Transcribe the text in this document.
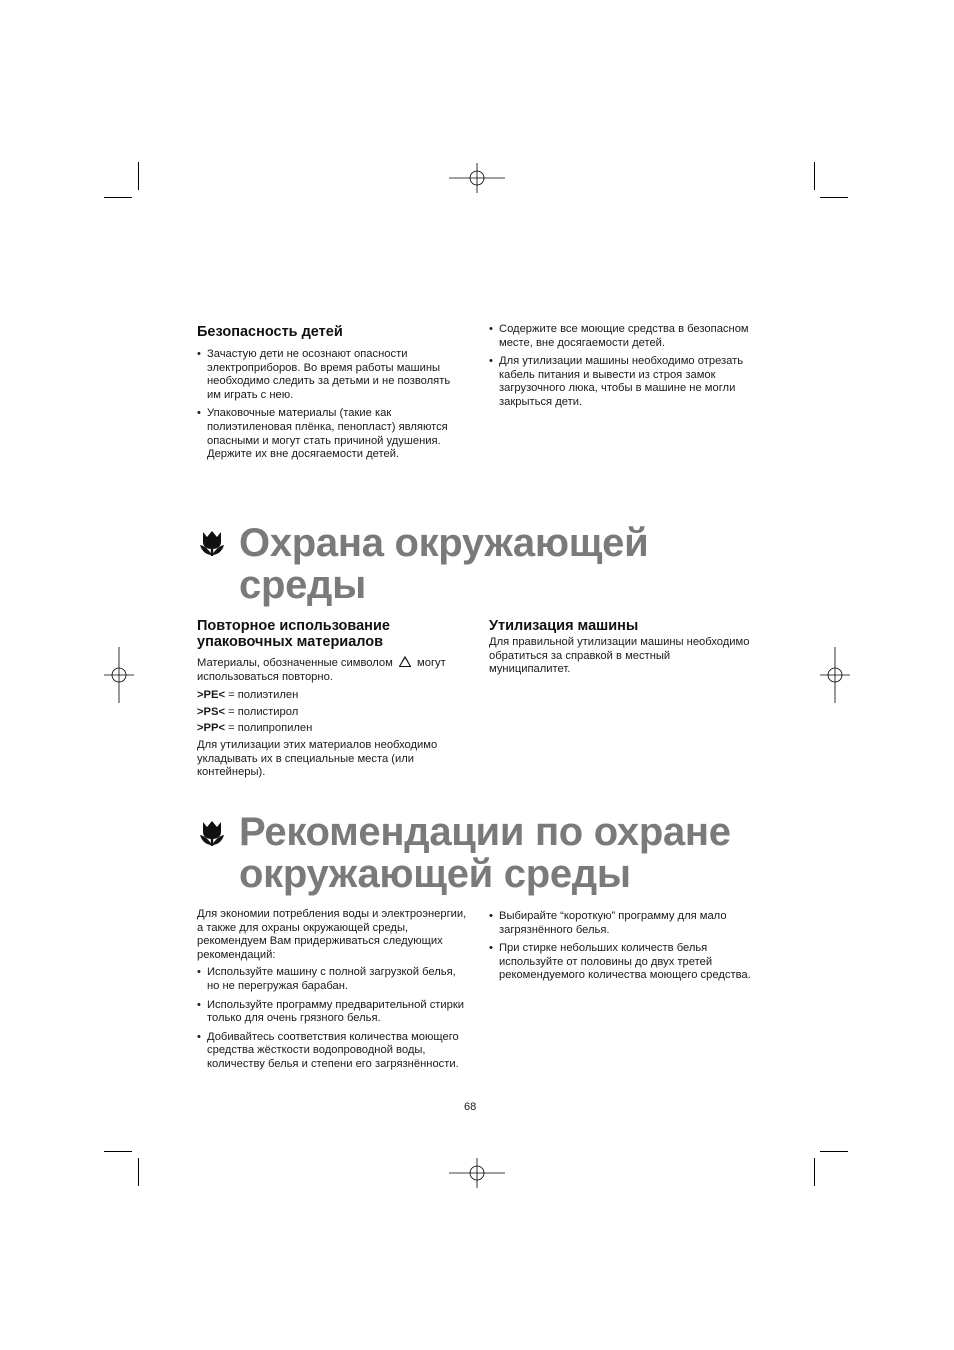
Безопасность детей
• Зачастую дети не осознают опасности электроприборов. Во время работы машины необходимо следить за детьми и не позволять им играть с нею.
• Упаковочные материалы (такие как полиэтиленовая плёнка, пенопласт) являются опасными и могут стать причиной удушения. Держите их вне досягаемости детей.
• Содержите все моющие средства в безопасном месте, вне досягаемости детей.
• Для утилизации машины необходимо отрезать кабель питания и вывести из строя замок загрузочного люка, чтобы в машине не могли закрыться дети.
Охрана окружающей
среды
Повторное использование
упаковочных материалов

Материалы, обозначенные символом могут использоваться повторно.

>PE< = полиэтилен

>PS< = полистирол

>PP< = полипропилен

Для утилизации этих материалов необходимо укладывать их в специальные места (или контейнеры).

Утилизация машины

Для правильной утилизации машины необходимо обратиться за справкой в местный муниципалитет.

Рекомендации по охране
окружающей среды

Для экономии потребления воды и электроэнергии, а также для охраны окружающей среды, рекомендуем Вам придерживаться следующих рекомендаций:

• Используйте машину с полной загрузкой белья, но не перегружая барабан.
• Используйте программу предварительной стирки только для очень грязного белья.
• Добивайтесь соответствия количества моющего средства жёсткости водопроводной воды, количеству белья и степени его загрязнённости.
• Выбирайте “короткую” программу для мало загрязнённого белья.
• При стирке небольших количеств белья используйте от половины до двух третей рекомендуемого количества моющего средства.
68
